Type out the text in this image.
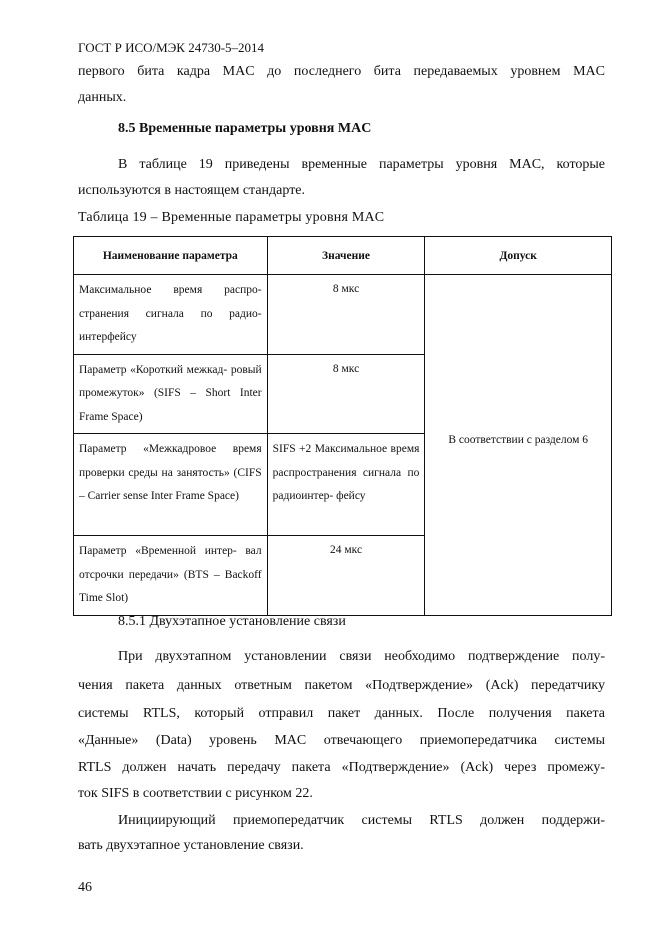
ГОСТ Р ИСО/МЭК 24730-5–2014
первого бита кадра MAC до последнего бита передаваемых уровнем MAC
данных.
8.5 Временные параметры уровня MAC
В таблице 19 приведены временные параметры уровня MAC, которые
используются в настоящем стандарте.
Таблица 19 – Временные параметры уровня MAC
Наименование параметра	Значение	Допуск

Максимальное время распро- странения сигнала по радио- интерфейсу	8 мкс	В соответствии с разделом 6

Параметр «Короткий межкад- ровый промежуток» (SIFS – Short Inter Frame Space)	8 мкс	

Параметр «Межкадровое время проверки среды на занятость» (CIFS – Carrier sense Inter Frame Space)	SIFS +2 Максимальное время распространения сигнала по радиоинтер- фейсу	

Параметр «Временной интер- вал отсрочки передачи» (BTS – Backoff Time Slot)	24 мкс	
8.5.1 Двухэтапное установление связи
При двухэтапном установлении связи необходимо подтверждение полу-
чения пакета данных ответным пакетом «Подтверждение» (Ack) передатчику
системы RTLS, который отправил пакет данных. После получения пакета
«Данные» (Data) уровень MAC отвечающего приемопередатчика системы
RTLS должен начать передачу пакета «Подтверждение» (Ack) через промежу-
ток SIFS в соответствии с рисунком 22.
Инициирующий приемопередатчик системы RTLS должен поддержи-
вать двухэтапное установление связи.
46
